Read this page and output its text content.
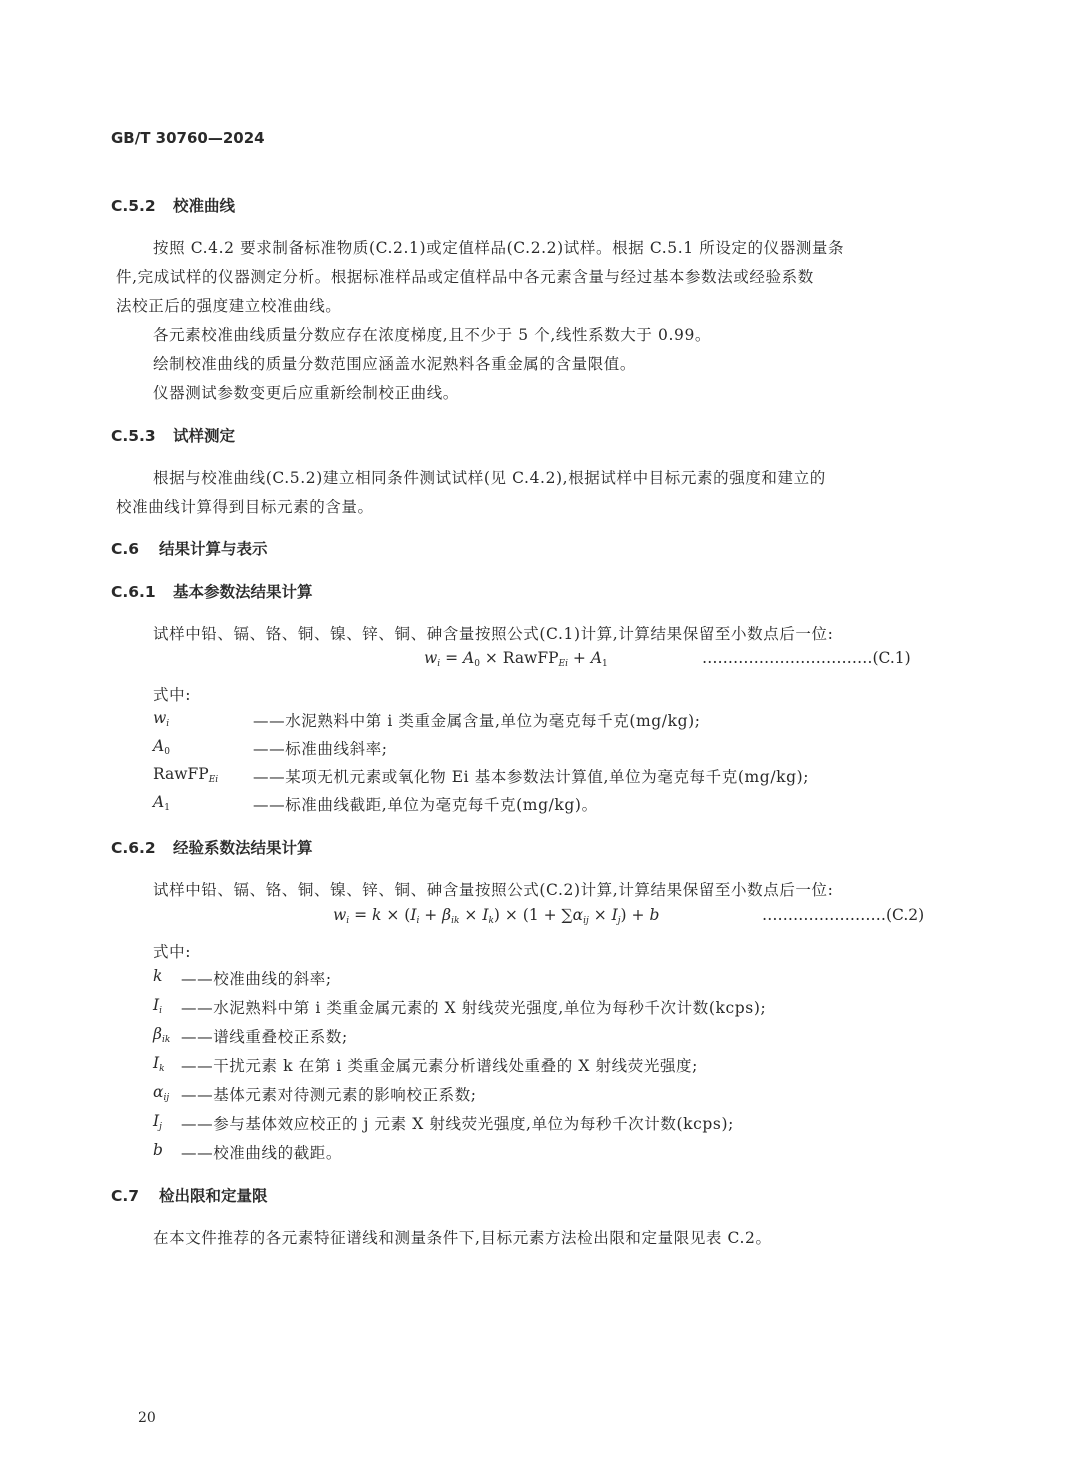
GB/T 30760—2024
C.5.2 校准曲线
按照 C.4.2 要求制备标准物质(C.2.1)或定值样品(C.2.2)试样。根据 C.5.1 所设定的仪器测量条
件,完成试样的仪器测定分析。根据标准样品或定值样品中各元素含量与经过基本参数法或经验系数
法校正后的强度建立校准曲线。
各元素校准曲线质量分数应存在浓度梯度,且不少于 5 个,线性系数大于 0.99。
绘制校准曲线的质量分数范围应涵盖水泥熟料各重金属的含量限值。
仪器测试参数变更后应重新绘制校正曲线。
C.5.3 试样测定
根据与校准曲线(C.5.2)建立相同条件测试试样(见 C.4.2),根据试样中目标元素的强度和建立的
校准曲线计算得到目标元素的含量。
C.6 结果计算与表示
C.6.1 基本参数法结果计算
试样中铅、镉、铬、铜、镍、锌、铜、砷含量按照公式(C.1)计算,计算结果保留至小数点后一位:
$w_i = A_0$ × RawFP$_{Ei}$ + $A_1$	……………………………(C.1)
式中:
$w_i$	——水泥熟料中第 i 类重金属含量,单位为毫克每千克(mg/kg);
$A_0$	——标准曲线斜率;
RawFP$_{Ei}$ ——某项无机元素或氧化物 Ei 基本参数法计算值,单位为毫克每千克(mg/kg);
$A_1$	——标准曲线截距,单位为毫克每千克(mg/kg)。
C.6.2 经验系数法结果计算
试样中铅、镉、铬、铜、镍、锌、铜、砷含量按照公式(C.2)计算,计算结果保留至小数点后一位:
$w_i = k \times (I_i + \beta_{ik} \times I_k) \times (1 + \sum\alpha_{ij} \times I_j) + b$	……………………(C.2)
式中:
k ——校准曲线的斜率;
$I_i$ ——水泥熟料中第 i 类重金属元素的 X 射线荧光强度,单位为每秒千次计数(kcps);
$\beta_{ik}$ ——谱线重叠校正系数;
$I_k$ ——干扰元素 k 在第 i 类重金属元素分析谱线处重叠的 X 射线荧光强度;
$\alpha_{ij}$ ——基体元素对待测元素的影响校正系数;
$I_j$ ——参与基体效应校正的 j 元素 X 射线荧光强度,单位为每秒千次计数(kcps);
b ——校准曲线的截距。
C.7 检出限和定量限
在本文件推荐的各元素特征谱线和测量条件下,目标元素方法检出限和定量限见表 C.2。
20
